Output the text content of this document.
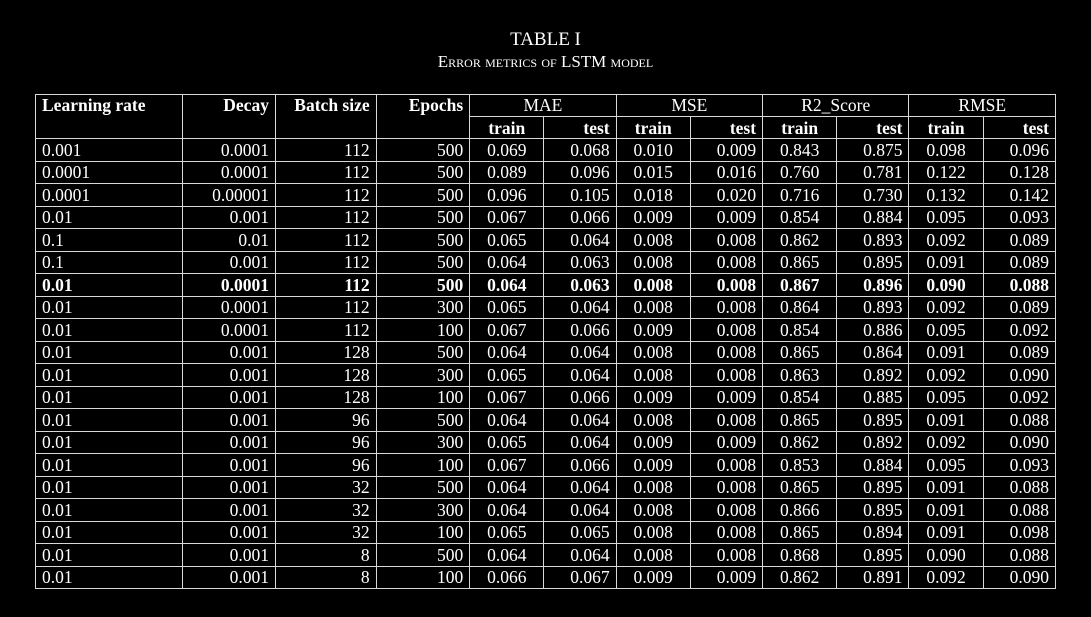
TABLE I
Error metrics of LSTM model
Learning rate	Decay	Batch size	Epochs	MAE		MSE		R2_Score		RMSE	
				train	test	train	test	train	test	train	test
0.001	0.0001	112	500	0.069	0.068	0.010	0.009	0.843	0.875	0.098	0.096
0.0001	0.0001	112	500	0.089	0.096	0.015	0.016	0.760	0.781	0.122	0.128
0.0001	0.00001	112	500	0.096	0.105	0.018	0.020	0.716	0.730	0.132	0.142
0.01	0.001	112	500	0.067	0.066	0.009	0.009	0.854	0.884	0.095	0.093
0.1	0.01	112	500	0.065	0.064	0.008	0.008	0.862	0.893	0.092	0.089
0.1	0.001	112	500	0.064	0.063	0.008	0.008	0.865	0.895	0.091	0.089
0.01	0.0001	112	500	0.064	0.063	0.008	0.008	0.867	0.896	0.090	0.088
0.01	0.0001	112	300	0.065	0.064	0.008	0.008	0.864	0.893	0.092	0.089
0.01	0.0001	112	100	0.067	0.066	0.009	0.008	0.854	0.886	0.095	0.092
0.01	0.001	128	500	0.064	0.064	0.008	0.008	0.865	0.864	0.091	0.089
0.01	0.001	128	300	0.065	0.064	0.008	0.008	0.863	0.892	0.092	0.090
0.01	0.001	128	100	0.067	0.066	0.009	0.009	0.854	0.885	0.095	0.092
0.01	0.001	96	500	0.064	0.064	0.008	0.008	0.865	0.895	0.091	0.088
0.01	0.001	96	300	0.065	0.064	0.009	0.009	0.862	0.892	0.092	0.090
0.01	0.001	96	100	0.067	0.066	0.009	0.008	0.853	0.884	0.095	0.093
0.01	0.001	32	500	0.064	0.064	0.008	0.008	0.865	0.895	0.091	0.088
0.01	0.001	32	300	0.064	0.064	0.008	0.008	0.866	0.895	0.091	0.088
0.01	0.001	32	100	0.065	0.065	0.008	0.008	0.865	0.894	0.091	0.098
0.01	0.001	8	500	0.064	0.064	0.008	0.008	0.868	0.895	0.090	0.088
0.01	0.001	8	100	0.066	0.067	0.009	0.009	0.862	0.891	0.092	0.090
